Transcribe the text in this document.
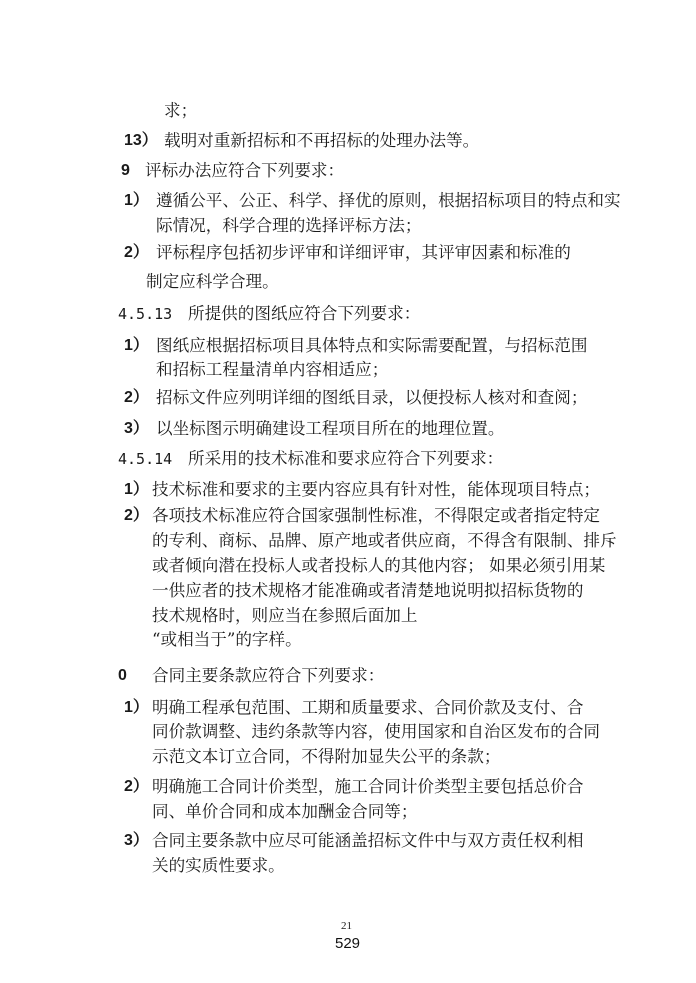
求；
13） 载明对重新招标和不再招标的处理办法等。
9 评标办法应符合下列要求：
1） 遵循公平、公正、科学、择优的原则，根据招标项目的特点和实
际情况，科学合理的选择评标方法；
2） 评标程序包括初步评审和详细评审，其评审因素和标准的
制定应科学合理。
4.5.13 所提供的图纸应符合下列要求：
1） 图纸应根据招标项目具体特点和实际需要配置，与招标范围
和招标工程量清单内容相适应；
2） 招标文件应列明详细的图纸目录，以便投标人核对和查阅；
3） 以坐标图示明确建设工程项目所在的地理位置。
4.5.14 所采用的技术标准和要求应符合下列要求：
1） 技术标准和要求的主要内容应具有针对性，能体现项目特点；
2） 各项技术标准应符合国家强制性标准，不得限定或者指定特定
的专利、商标、品牌、原产地或者供应商，不得含有限制、排斥
或者倾向潜在投标人或者投标人的其他内容； 如果必须引用某
一供应者的技术规格才能准确或者清楚地说明拟招标货物的
技术规格时，则应当在参照后面加上
“或相当于”的字样。
0 合同主要条款应符合下列要求：
1） 明确工程承包范围、工期和质量要求、合同价款及支付、合
同价款调整、违约条款等内容，使用国家和自治区发布的合同
示范文本订立合同，不得附加显失公平的条款；
2） 明确施工合同计价类型，施工合同计价类型主要包括总价合
同、单价合同和成本加酬金合同等；
3） 合同主要条款中应尽可能涵盖招标文件中与双方责任权利相
关的实质性要求。
21
529
